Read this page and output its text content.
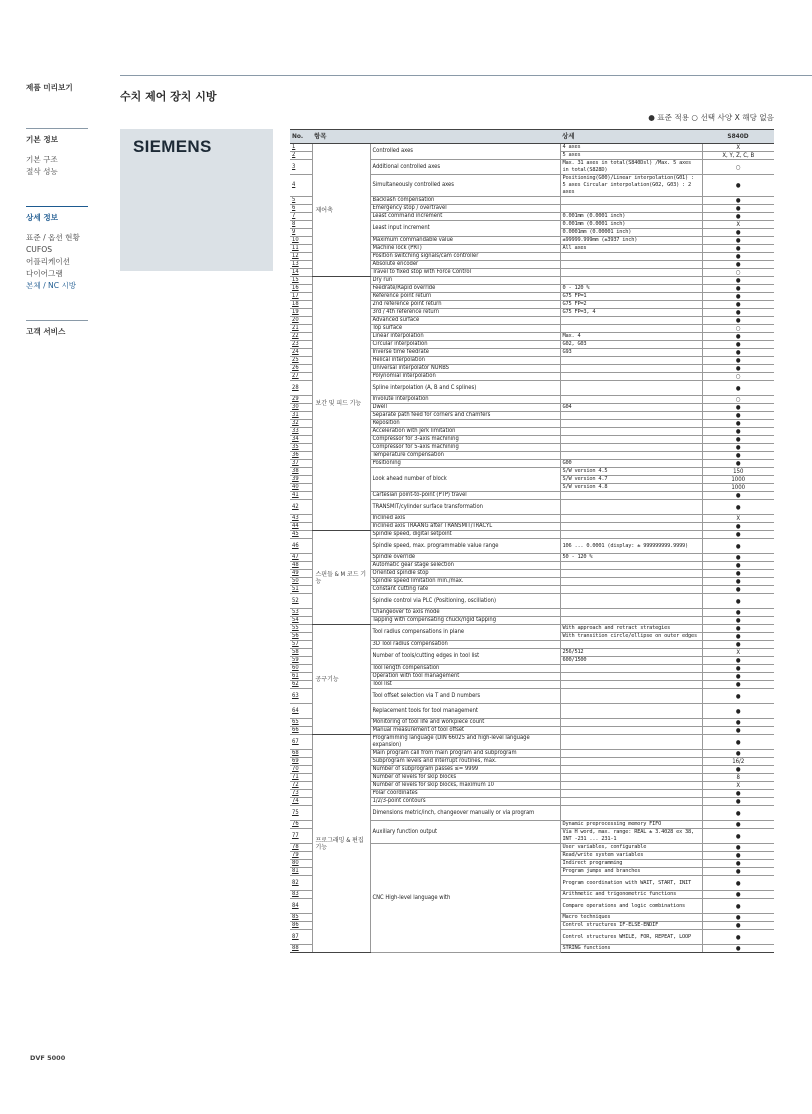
제품 미리보기
기본 정보
기본 구조
절삭 성능
상세 정보
표준 / 옵션 현황
CUFOS
어플리케이션
다이어그램
본체 / NC 시방
고객 서비스
수치 제어 장치 시방
● 표준 적용 ○ 선택 사양 X 해당 없음
SIEMENS
No.	항목		상세	S840D
1	제어축	Controlled axes	4 axes	X
2			5 axes	X, Y, Z, C, B
3		Additional controlled axes	Max. 31 axes in total(S840Dsl) /Max. 5 axes in total(S828D)	○
4		Simultaneously controlled axes	Positioning(G00)/Linear interpolation(G01) : 5 axes Circular interpolation(G02, G03) : 2 axes	●
5		Backlash compensation		●
6		Emergency stop / overtravel		●
7		Least command increment	0.001mm (0.0001 inch)	●
8		Least input increment	0.001mm (0.0001 inch)	X
9			0.0001mm (0.00001 inch)	●
10		Maximum commandable value	±99999.999mm (±3937 inch)	●
11		Machine lock (PRT)	All axes	●
12		Position switching signals/cam controller		●
13		Absolute encoder		●
14		Travel to fixed stop with Force Control		○
15	보간 및 피드 기능	Dry run		●
16		Feedrate/Rapid override	0 - 120 %	●
17		Reference point return	G75 FP=1	●
18		2nd reference point return	G75 FP=2	●
19		3rd / 4th reference return	G75 FP=3, 4	●
20		Advanced surface		●
21		Top surface		○
22		Linear interpolation	Max. 4	●
23		Circular interpolation	G02, G03	●
24		Inverse time feedrate	G93	●
25		Helical interpolation		●
26		Universal interpolator NURBS		●
27		Polynomial interpolation		○
28		Spline interpolation (A, B and C splines)		●
29		Involute interpolation		○
30		Dwell	G04	●
31		Separate path feed for corners and chamfers		●
32		Reposition		●
33		Acceleration with Jerk limitation		●
34		Compressor for 3-axis machining		●
35		Compressor for 5-axis machining		●
36		Temperature compensation		●
37		Positioning	G00	●
38		Look ahead number of block	S/W version 4.5	150
39			S/W version 4.7	1000
40			S/W version 4.8	1000
41		Cartesian point-to-point (PTP) travel		●
42		TRANSMIT/cylinder surface transformation		●
43		Inclined axis		X
44		Inclined axis TRAANG after TRANSMIT/TRACYL		●
45	스핀들 & M 코드 기능	Spindle speed, digital setpoint		●
46		Spindle speed, max. programmable value range	106 ... 0.0001 (display: ± 999999999.9999)	●
47		Spindle override	50 - 120 %	●
48		Automatic gear stage selection		●
49		Oriented spindle stop		●
50		Spindle speed limitation min./max.		●
51		Constant cutting rate		●
52		Spindle control via PLC (Positioning, oscillation)		●
53		Changeover to axis mode		●
54		Tapping with compensating chuck/rigid tapping		●
55	공구기능	Tool radius compensations in plane	With approach and retract strategies	●
56			With transition circle/ellipse on outer edges	●
57		3D Tool radius compensation		●
58		Number of tools/cutting edges in tool list	256/512	X
59			600/1500	●
60		Tool length compensation		●
61		Operation with tool management		●
62		Tool list		●
63		Tool offset selection via T and D numbers		●
64		Replacement tools for tool management		●
65		Monitoring of tool life and workpiece count		●
66		Manual measurement of tool offset		●
67	프로그래밍 & 편집기능	Programming language (DIN 66025 and high-level language expansion)		●
68		Main program call from main program and subprogram		●
69		Subprogram levels and interrupt routines, max.		16/2
70		Number of subprogram passes ≤= 9999		●
71		Number of levels for skip blocks		8
72		Number of levels for skip blocks, maximum 10		X
73		Polar coordinates		●
74		1/2/3-point contours		●
75		Dimensions metric/inch, changeover manually or via program		●
76		Auxiliary function output	Dynamic preprocessing memory FIFO	●
77			Via H word, max. range: REAL ± 3.4028 ex 38, INT -231 ... 231-1	●
78		CNC High-level language with	User variables, configurable	●
79			Read/write system variables	●
80			Indirect programming	●
81			Program jumps and branches	●
82			Program coordination with WAIT, START, INIT	●
83			Arithmetic and trigonometric functions	●
84			Compare operations and logic combinations	●
85			Macro techniques	●
86			Control structures IF-ELSE-ENDIF	●
87			Control structures WHILE, FOR, REPEAT, LOOP	●
88			STRING functions	●
DVF 5000
